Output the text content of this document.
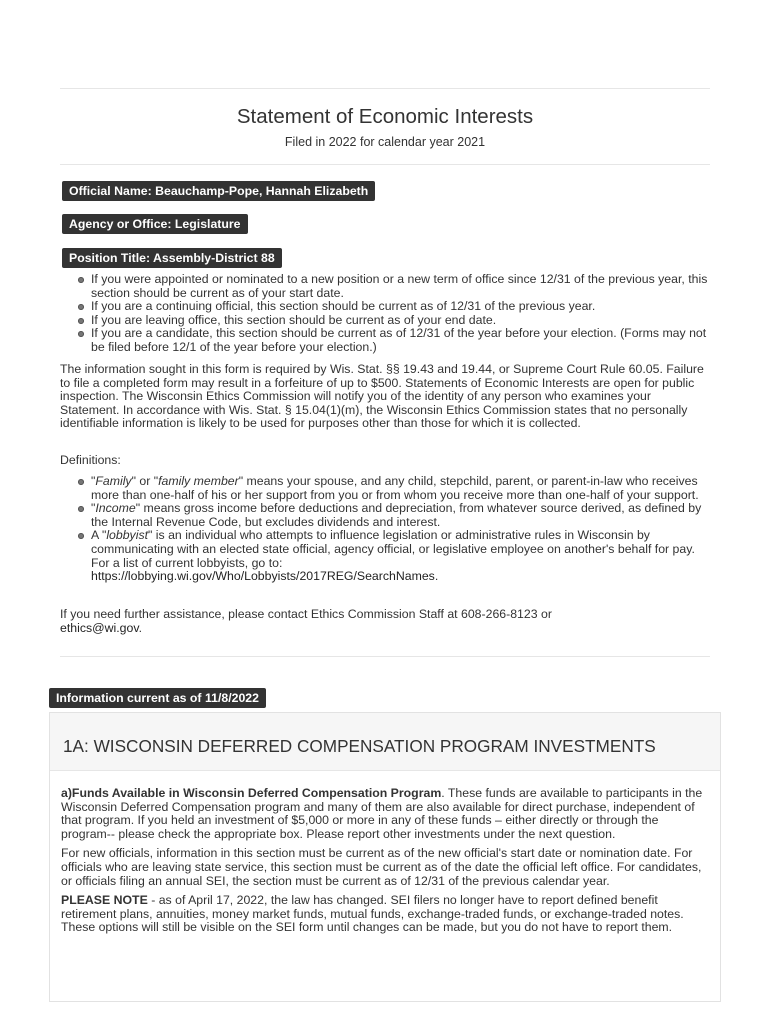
Statement of Economic Interests
Filed in 2022 for calendar year 2021
Official Name: Beauchamp-Pope, Hannah Elizabeth
Agency or Office: Legislature
Position Title: Assembly-District 88
If you were appointed or nominated to a new position or a new term of office since 12/31 of the previous year, this section should be current as of your start date.
If you are a continuing official, this section should be current as of 12/31 of the previous year.
If you are leaving office, this section should be current as of your end date.
If you are a candidate, this section should be current as of 12/31 of the year before your election. (Forms may not be filed before 12/1 of the year before your election.)
The information sought in this form is required by Wis. Stat. §§ 19.43 and 19.44, or Supreme Court Rule 60.05. Failure to file a completed form may result in a forfeiture of up to $500. Statements of Economic Interests are open for public inspection. The Wisconsin Ethics Commission will notify you of the identity of any person who examines your Statement. In accordance with Wis. Stat. § 15.04(1)(m), the Wisconsin Ethics Commission states that no personally identifiable information is likely to be used for purposes other than those for which it is collected.
Definitions:
"Family" or "family member" means your spouse, and any child, stepchild, parent, or parent-in-law who receives more than one-half of his or her support from you or from whom you receive more than one-half of your support.
"Income" means gross income before deductions and depreciation, from whatever source derived, as defined by the Internal Revenue Code, but excludes dividends and interest.
A "lobbyist" is an individual who attempts to influence legislation or administrative rules in Wisconsin by communicating with an elected state official, agency official, or legislative employee on another's behalf for pay. For a list of current lobbyists, go to:
https://lobbying.wi.gov/Who/Lobbyists/2017REG/SearchNames.
If you need further assistance, please contact Ethics Commission Staff at 608-266-8123 or
ethics@wi.gov.
Information current as of 11/8/2022
1A: WISCONSIN DEFERRED COMPENSATION PROGRAM INVESTMENTS

a)Funds Available in Wisconsin Deferred Compensation Program. These funds are available to participants in the Wisconsin Deferred Compensation program and many of them are also available for direct purchase, independent of that program. If you held an investment of $5,000 or more in any of these funds – either directly or through the program-- please check the appropriate box. Please report other investments under the next question.

For new officials, information in this section must be current as of the new official's start date or nomination date. For officials who are leaving state service, this section must be current as of the date the official left office. For candidates, or officials filing an annual SEI, the section must be current as of 12/31 of the previous calendar year.

PLEASE NOTE - as of April 17, 2022, the law has changed. SEI filers no longer have to report defined benefit retirement plans, annuities, money market funds, mutual funds, exchange-traded funds, or exchange-traded notes. These options will still be visible on the SEI form until changes can be made, but you do not have to report them.
